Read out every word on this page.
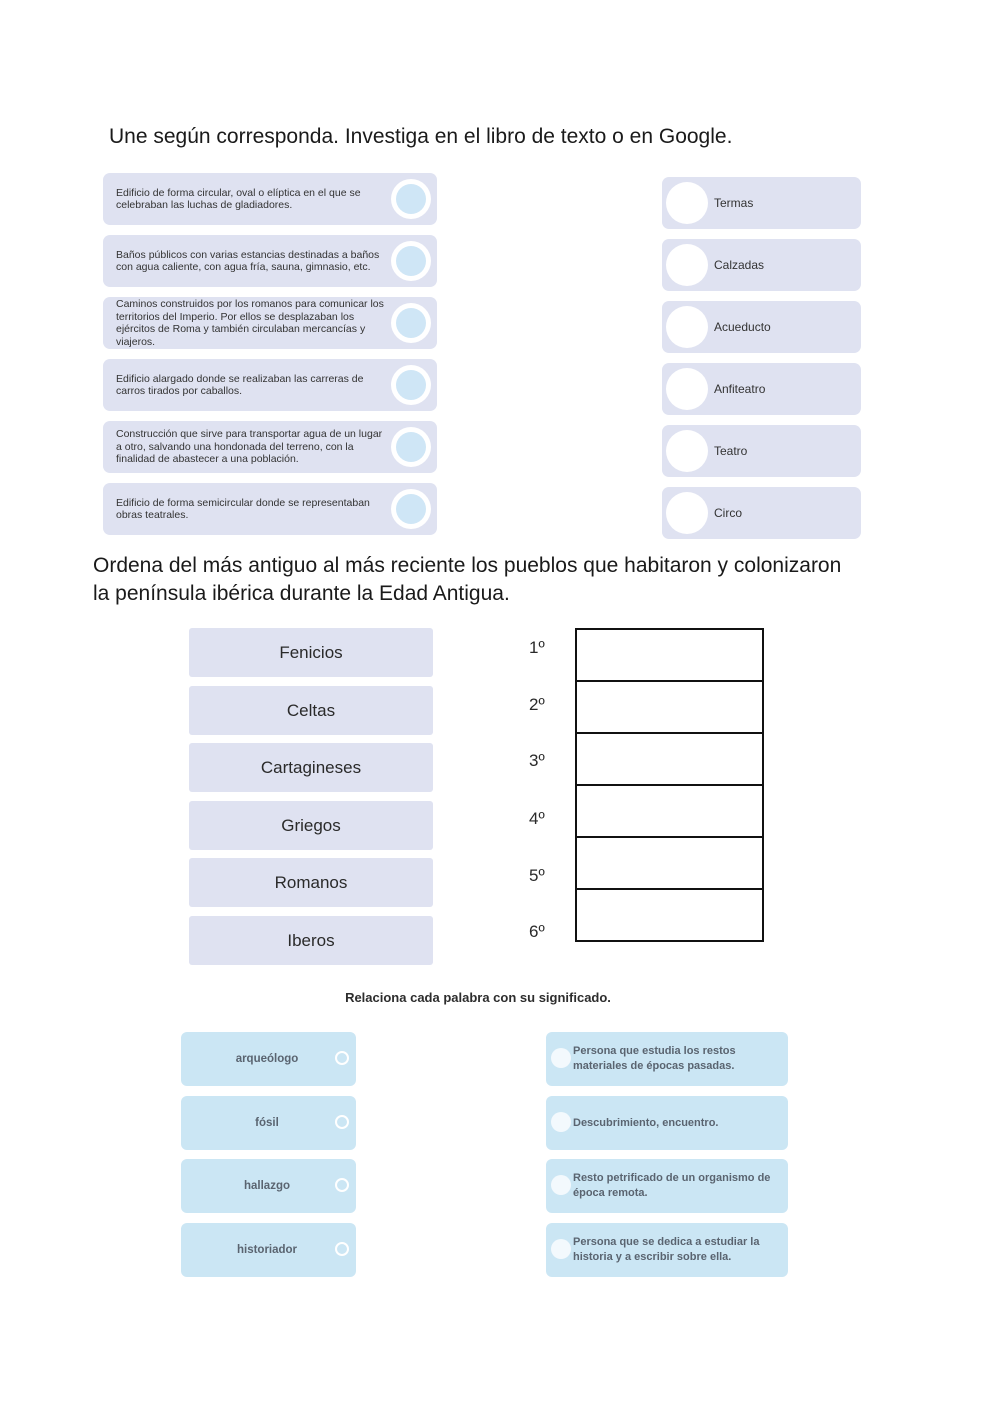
Une según corresponda. Investiga en el libro de texto o en Google.
Edificio de forma circular, oval o elíptica en el que se celebraban las luchas de gladiadores.
Baños públicos con varias estancias destinadas a baños con agua caliente, con agua fría, sauna, gimnasio, etc.
Caminos construidos por los romanos para comunicar los territorios del Imperio. Por ellos se desplazaban los ejércitos de Roma y también circulaban mercancías y viajeros.
Edificio alargado donde se realizaban las carreras de carros tirados por caballos.
Construcción que sirve para transportar agua de un lugar a otro, salvando una hondonada del terreno, con la finalidad de abastecer a una población.
Edificio de forma semicircular donde se representaban obras teatrales.
Termas
Calzadas
Acueducto
Anfiteatro
Teatro
Circo
Ordena del más antiguo al más reciente los pueblos que habitaron y colonizaron
la península ibérica durante la Edad Antigua.
Fenicios
Celtas
Cartagineses
Griegos
Romanos
Iberos
1º
2º
3º
4º
5º
6º

Relaciona cada palabra con su significado.
arqueólogo
fósil
hallazgo
historiador
Persona que estudia los restos materiales de épocas pasadas.
Descubrimiento, encuentro.
Resto petrificado de un organismo de época remota.
Persona que se dedica a estudiar la historia y a escribir sobre ella.
